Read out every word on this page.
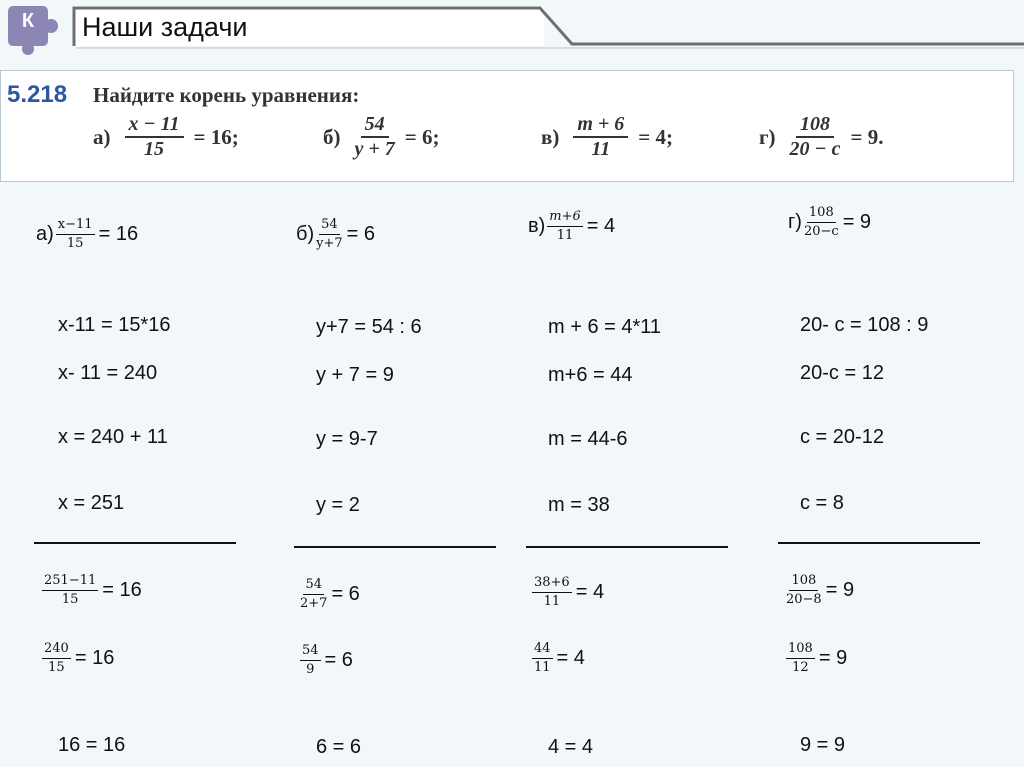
К	Наши задачи
5.218 Найдите корень уравнения:
$а) \frac{x - 11}{15} = 16$;	$б) \frac{54}{y + 7} = 6$;	$в) \frac{m + 6}{11} = 4$;	$г) \frac{108}{20 - c} = 9$.
$а) \frac{x-11}{15} = 16$
x-11 = 15*16
x- 11 = 240
x = 240 + 11
x = 251
$\frac{251-11}{15} = 16$
$\frac{240}{15} = 16$
16 = 16
$б) \frac{54}{y+7} = 6$
y+7 = 54 : 6
y + 7 = 9
y = 9-7
y = 2
$\frac{54}{2+7} = 6$
$\frac{54}{9} = 6$
6 = 6
$в) \frac{m+6}{11} = 4$
m + 6 = 4*11
m+6 = 44
m = 44-6
m = 38
$\frac{38+6}{11} = 4$
$\frac{44}{11} = 4$
4 = 4
$г) \frac{108}{20-c} = 9$
20- c = 108 : 9
20-c = 12
c = 20-12
c = 8
$\frac{108}{20-8} = 9$
$\frac{108}{12} = 9$
9 = 9
